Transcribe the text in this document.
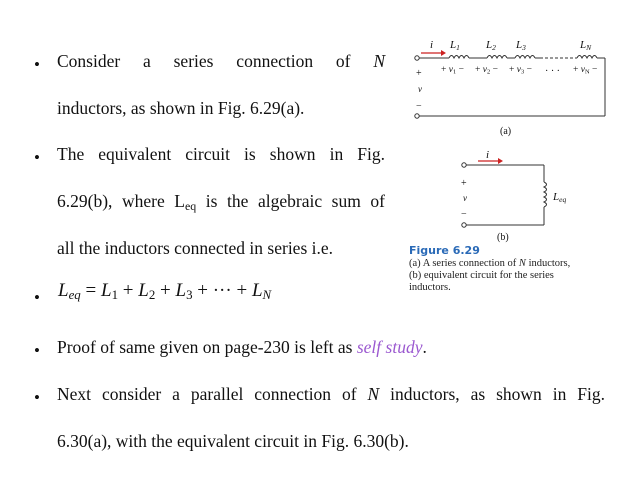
• Consider a series connection of N
inductors, as shown in Fig. 6.29(a).
• The equivalent circuit is shown in Fig.
6.29(b), where $L_{eq}$ is the algebraic sum of
all the inductors connected in series i.e.
• $L_{eq} = L_1 + L_2 + L_3$ + ··· + $L_N$
• Proof of same given on page-230 is left as self study.
• Next consider a parallel connection of N inductors, as shown in Fig.
6.30(a), with the equivalent circuit in Fig. 6.30(b).
i $L_1$ $L_2$ $L_3$	$L_N$
+
v
−
+ $v_1$ − + $v_2$ − + $v_3$ − · · · + $v_N$ −
(a)
i
+
v
−
$L_{eq}$
(b)
Figure 6.29
(a) A series connection of N inductors,
(b) equivalent circuit for the series
inductors.
